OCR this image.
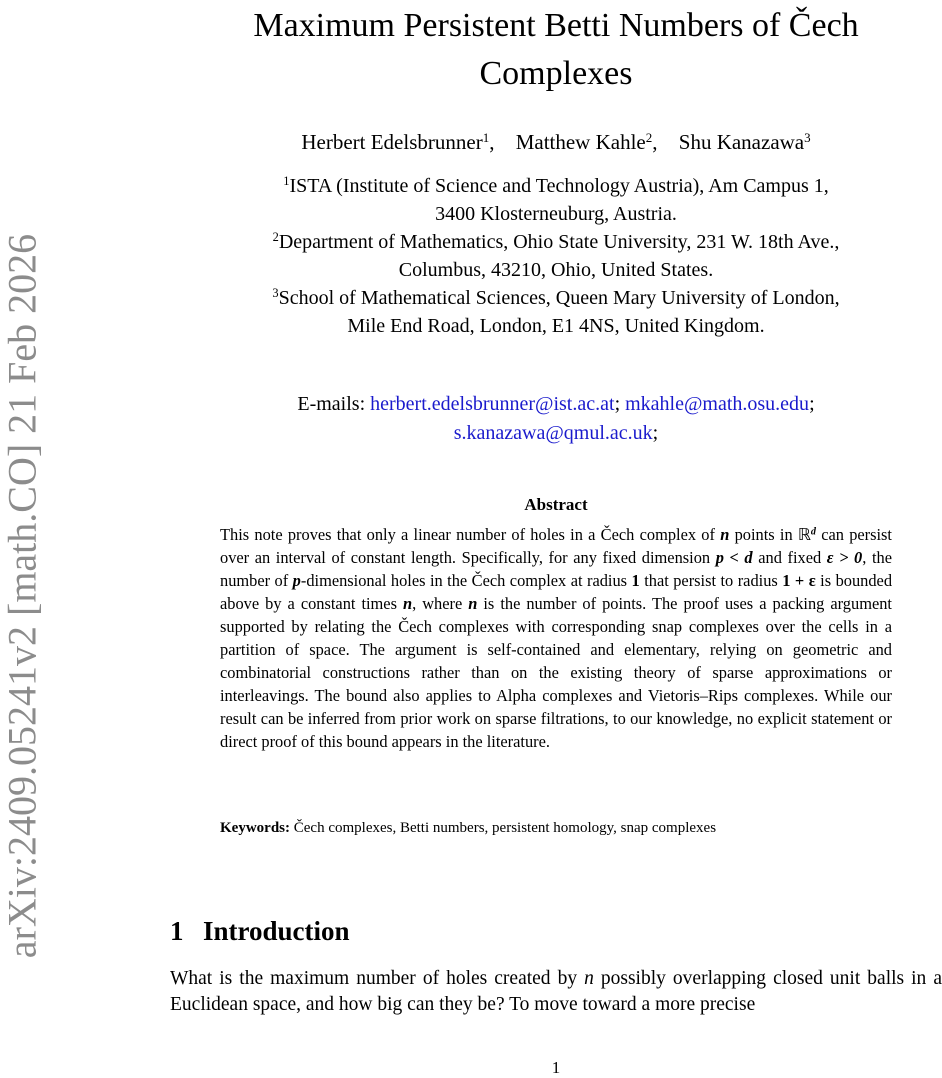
arXiv:2409.05241v2 [math.CO] 21 Feb 2026
Maximum Persistent Betti Numbers of Čech
Complexes
Herbert Edelsbrunner$^1$, Matthew Kahle$^2$, Shu Kanazawa$^3$
$^1$ISTA (Institute of Science and Technology Austria), Am Campus 1,
3400 Klosterneuburg, Austria.
$^2$Department of Mathematics, Ohio State University, 231 W. 18th Ave.,
Columbus, 43210, Ohio, United States.
$^3$School of Mathematical Sciences, Queen Mary University of London,
Mile End Road, London, E1 4NS, United Kingdom.
E-mails: herbert.edelsbrunner@ist.ac.at; mkahle@math.osu.edu;
s.kanazawa@qmul.ac.uk;
Abstract

This note proves that only a linear number of holes in a Čech complex of n points in ℝ$^d$ can persist over an interval of constant length. Specifically, for any fixed dimension p < d and fixed ε > 0, the number of p-dimensional holes in the Čech complex at radius 1 that persist to radius 1 + ε is bounded above by a constant times n, where n is the number of points. The proof uses a packing argument supported by relating the Čech complexes with corresponding snap complexes over the cells in a partition of space. The argument is self-contained and elementary, relying on geometric and combinatorial constructions rather than on the existing theory of sparse approximations or interleavings. The bound also applies to Alpha complexes and Vietoris–Rips complexes. While our result can be inferred from prior work on sparse filtrations, to our knowledge, no explicit statement or direct proof of this bound appears in the literature.

Keywords: Čech complexes, Betti numbers, persistent homology, snap complexes
1 Introduction

What is the maximum number of holes created by n possibly overlapping closed unit balls in a Euclidean space, and how big can they be? To move toward a more precise

1
